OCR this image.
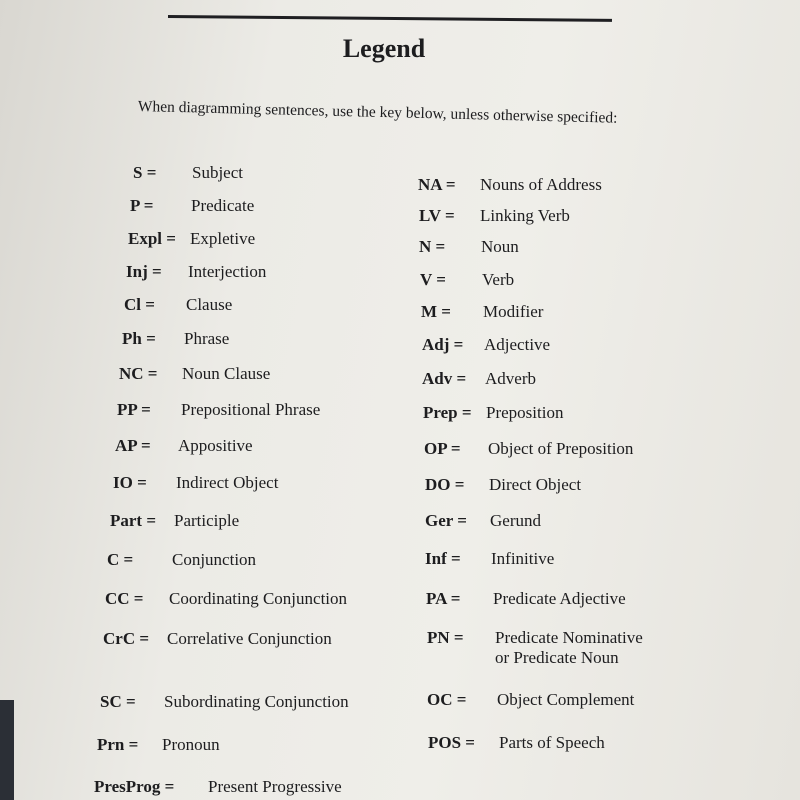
Legend
When diagramming sentences, use the key below, unless otherwise specified:
S = Subject
P = Predicate
Expl = Expletive
Inj = Interjection
Cl = Clause
Ph = Phrase
NC = Noun Clause
PP = Prepositional Phrase
AP = Appositive
IO = Indirect Object
Part = Participle
C = Conjunction
CC = Coordinating Conjunction
CrC = Correlative Conjunction
SC = Subordinating Conjunction
Prn = Pronoun
PresProg = Present Progressive
NA = Nouns of Address
LV = Linking Verb
N = Noun
V = Verb
M = Modifier
Adj = Adjective
Adv = Adverb
Prep = Preposition
OP = Object of Preposition
DO = Direct Object
Ger = Gerund
Inf = Infinitive
PA = Predicate Adjective
PN = Predicate Nominative
or Predicate Noun
OC = Object Complement
POS = Parts of Speech
